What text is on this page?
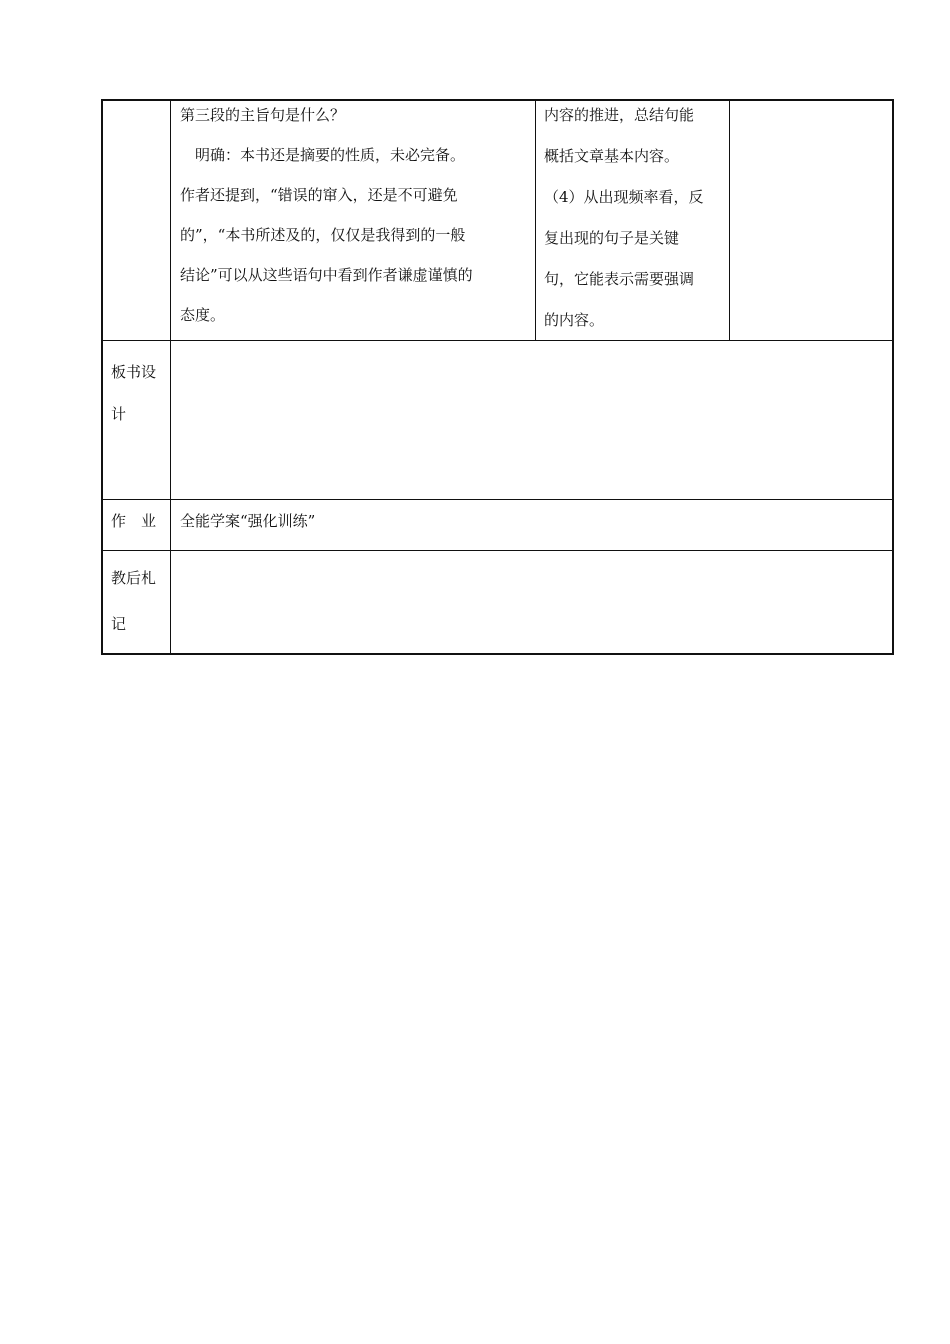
第三段的主旨句是什么？

　明确：本书还是摘要的性质，未必完备。

作者还提到，“错误的窜入，还是不可避免

的”，“本书所述及的，仅仅是我得到的一般

结论”可以从这些语句中看到作者谦虚谨慎的

态度。

内容的推进，总结句能

概括文章基本内容。

（4）从出现频率看，反

复出现的句子是关键

句，它能表示需要强调

的内容。

板书设

计

作　业 全能学案“强化训练”

教后札

记
